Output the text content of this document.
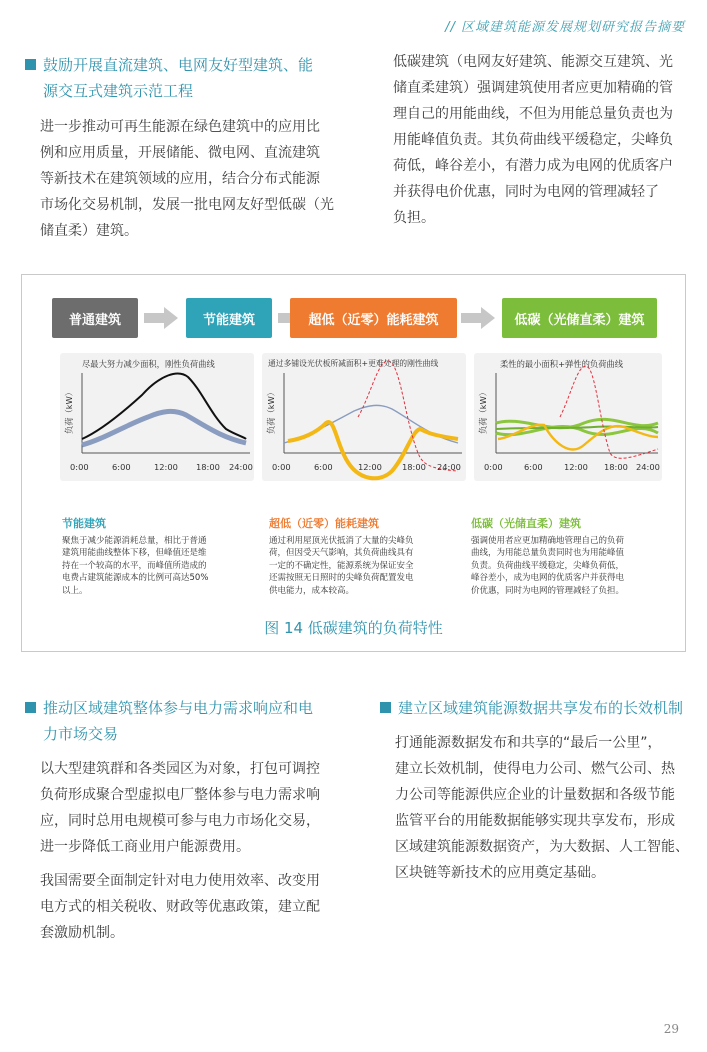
// 区域建筑能源发展规划研究报告摘要
鼓励开展直流建筑、电网友好型建筑、能
源交互式建筑示范工程
进一步推动可再生能源在绿色建筑中的应用比
例和应用质量，开展储能、微电网、直流建筑
等新技术在建筑领域的应用，结合分布式能源
市场化交易机制，发展一批电网友好型低碳（光
储直柔）建筑。
低碳建筑（电网友好建筑、能源交互建筑、光
储直柔建筑）强调建筑使用者应更加精确的管
理自己的用能曲线，不但为用能总量负责也为
用能峰值负责。其负荷曲线平缓稳定，尖峰负
荷低，峰谷差小，有潜力成为电网的优质客户
并获得电价优惠，同时为电网的管理减轻了
负担。
普通建筑	节能建筑	超低（近零）能耗建筑	低碳（光储直柔）建筑
尽最大努力减少面积，刚性负荷曲线
负荷（kW）
0:00	6:00	12:00 18:00 24:00
通过多铺设光伏板所减面积+更难处理的刚性曲线
负荷（kW）
0:00	6:00	12:00 18:00 24:00
柔性的最小面积+弹性的负荷曲线
负荷（kW）
0:00	6:00	12:00 18:00 24:00
节能建筑
聚焦于减少能源消耗总量，相比于普通
建筑用能曲线整体下移，但峰值还是维
持在一个较高的水平，而峰值所造成的
电费占建筑能源成本的比例可高达50%
以上。
超低（近零）能耗建筑
通过利用屋顶光伏抵消了大量的尖峰负
荷，但因受天气影响，其负荷曲线具有
一定的不确定性，能源系统为保证安全
还需按照无日照时的尖峰负荷配置发电
供电能力，成本较高。
低碳（光储直柔）建筑
强调使用者应更加精确地管理自己的负荷
曲线，为用能总量负责同时也为用能峰值
负责。负荷曲线平缓稳定，尖峰负荷低，
峰谷差小，成为电网的优质客户并获得电
价优惠，同时为电网的管理减轻了负担。
图 14 低碳建筑的负荷特性
推动区域建筑整体参与电力需求响应和电
力市场交易
以大型建筑群和各类园区为对象，打包可调控
负荷形成聚合型虚拟电厂整体参与电力需求响
应，同时总用电规模可参与电力市场化交易，
进一步降低工商业用户能源费用。
我国需要全面制定针对电力使用效率、改变用
电方式的相关税收、财政等优惠政策，建立配
套激励机制。
建立区域建筑能源数据共享发布的长效机制
打通能源数据发布和共享的“最后一公里”，
建立长效机制，使得电力公司、燃气公司、热
力公司等能源供应企业的计量数据和各级节能
监管平台的用能数据能够实现共享发布，形成
区域建筑能源数据资产，为大数据、人工智能、
区块链等新技术的应用奠定基础。
29
